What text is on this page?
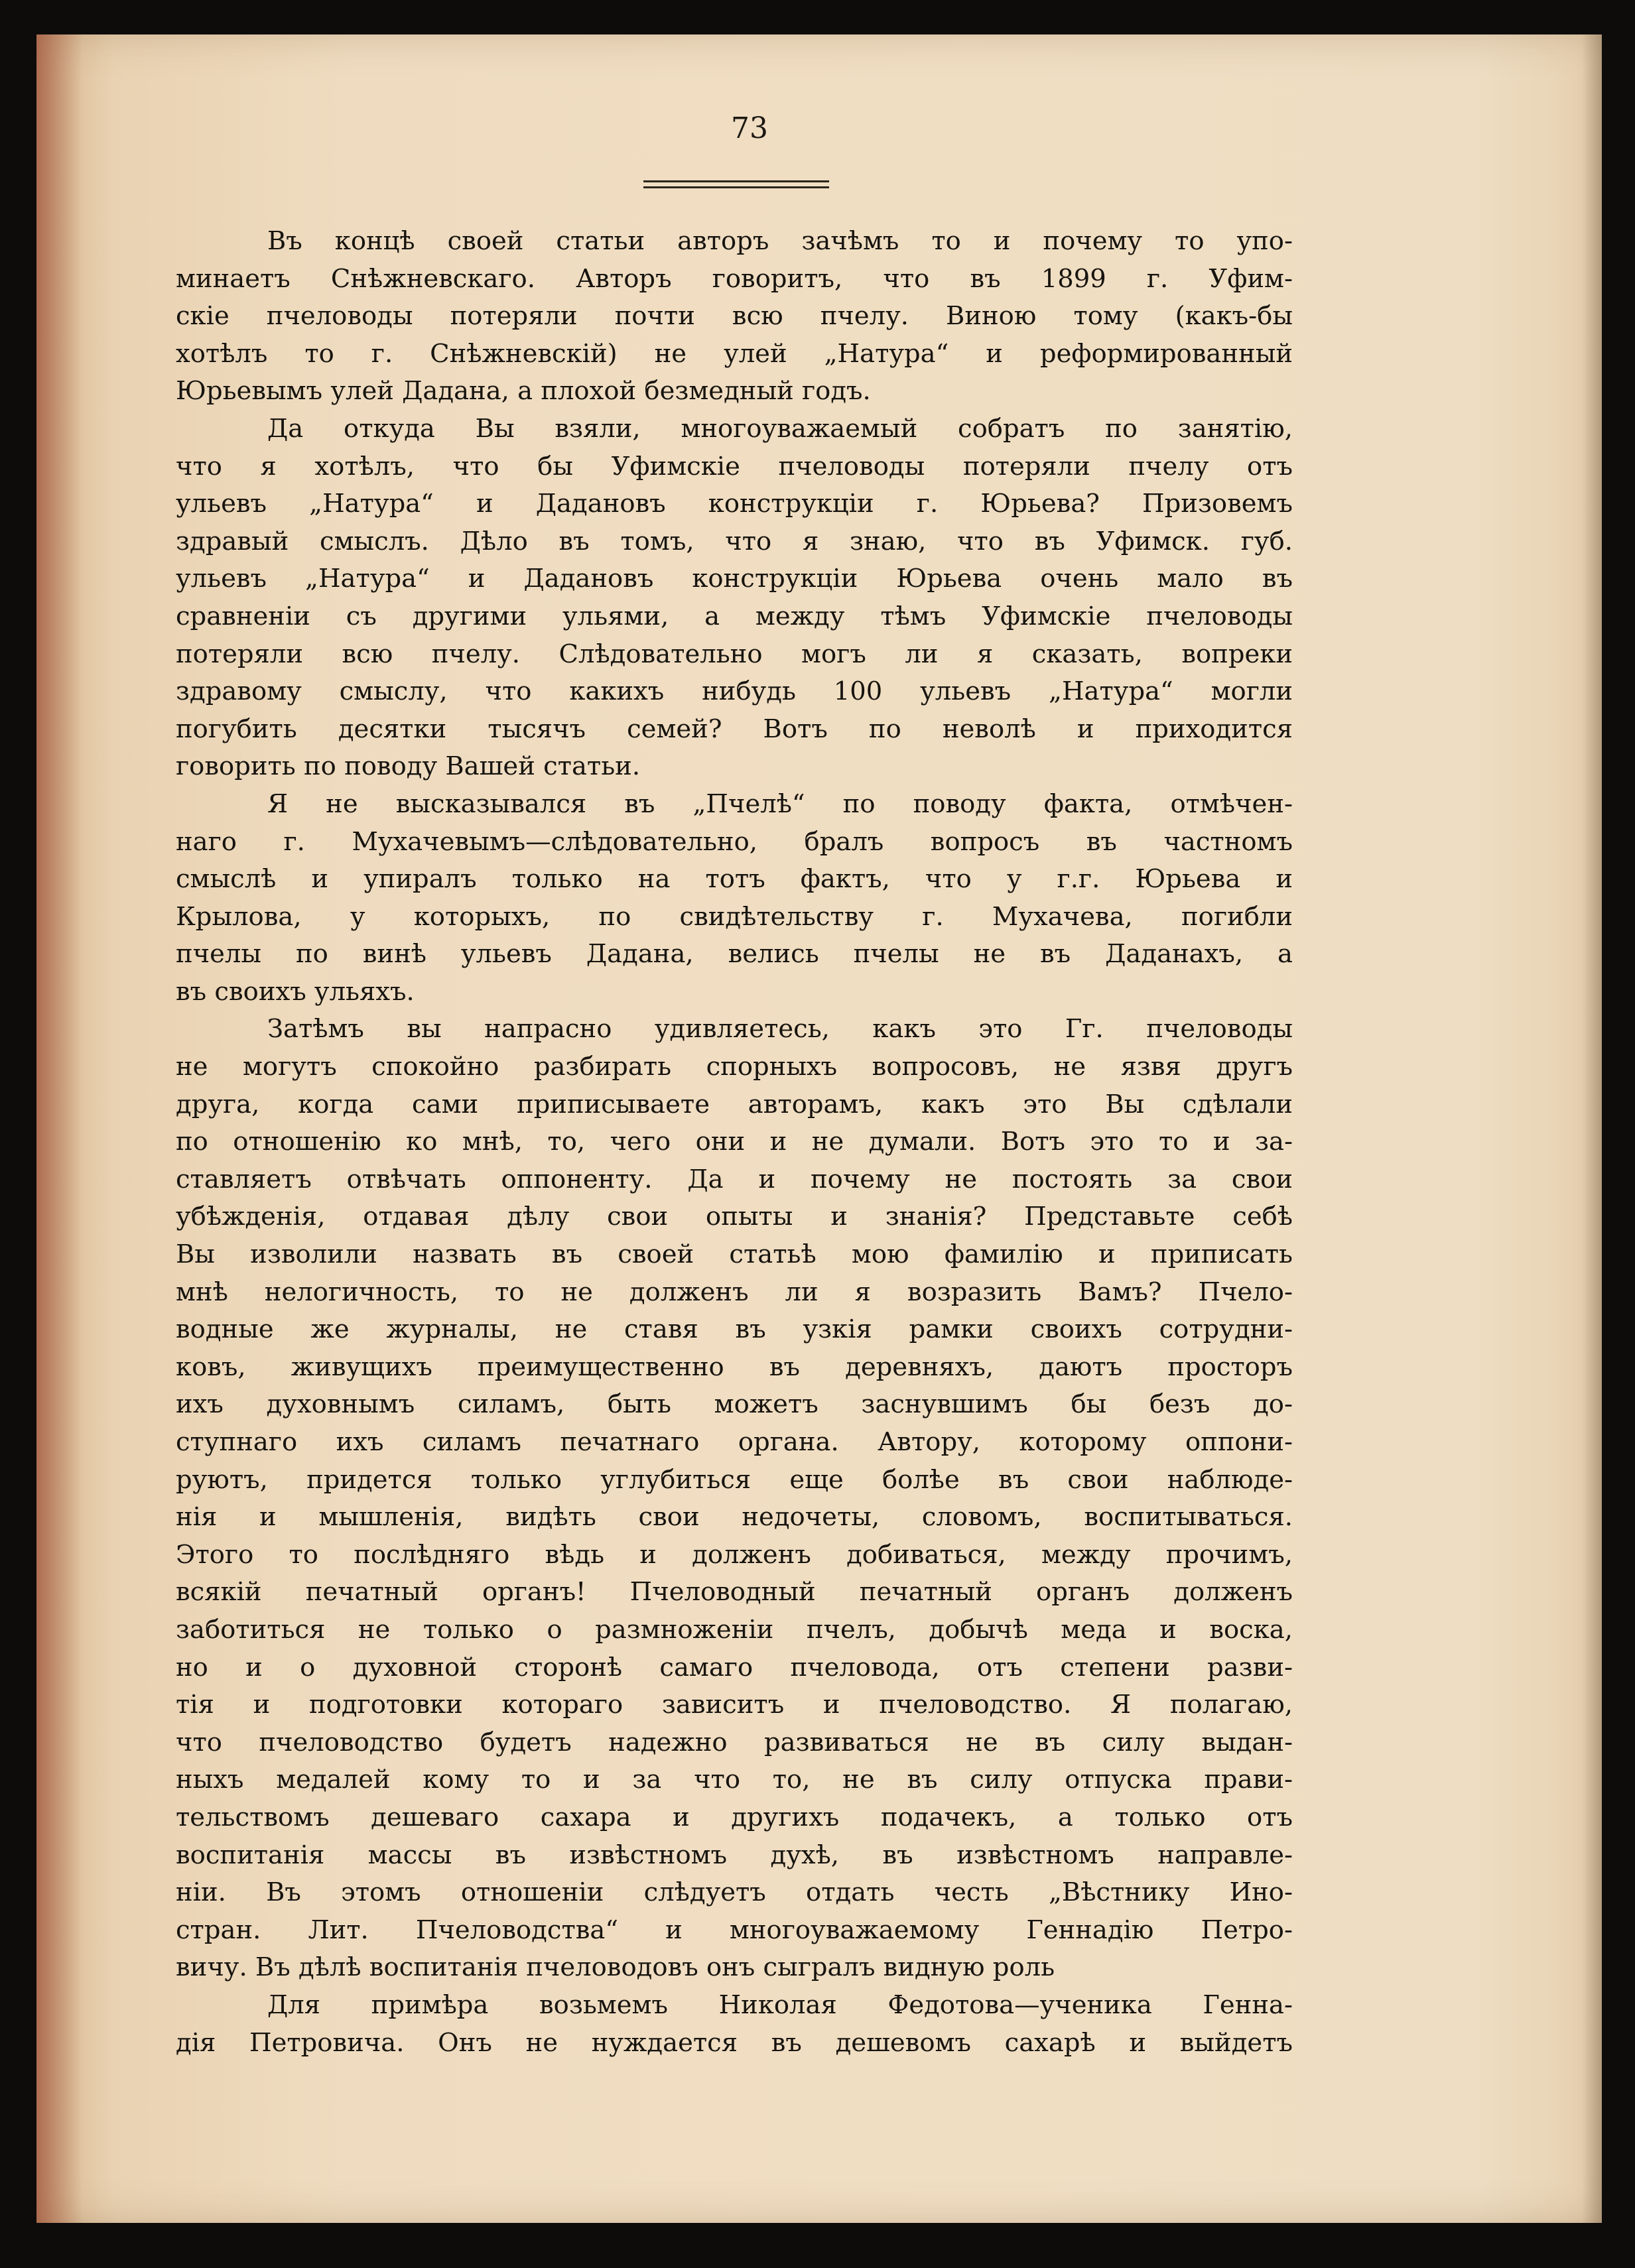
73
Въ концѣ своей статьи авторъ зачѣмъ то и почему то упо-
минаетъ Снѣжневскаго. Авторъ говоритъ, что въ 1899 г. Уфим-
скіе пчеловоды потеряли почти всю пчелу. Виною тому (какъ-бы
хотѣлъ то г. Снѣжневскій) не улей „Натура“ и реформированный
Юрьевымъ улей Дадана, а плохой безмедный годъ.
Да откуда Вы взяли, многоуважаемый собратъ по занятію,
что я хотѣлъ, что бы Уфимскіе пчеловоды потеряли пчелу отъ
ульевъ „Натура“ и Дадановъ конструкціи г. Юрьева? Призовемъ
здравый смыслъ. Дѣло въ томъ, что я знаю, что въ Уфимск. губ.
ульевъ „Натура“ и Дадановъ конструкціи Юрьева очень мало въ
сравненіи съ другими ульями, а между тѣмъ Уфимскіе пчеловоды
потеряли всю пчелу. Слѣдовательно могъ ли я сказать, вопреки
здравому смыслу, что какихъ нибудь 100 ульевъ „Натура“ могли
погубить десятки тысячъ семей? Вотъ по неволѣ и приходится
говорить по поводу Вашей статьи.
Я не высказывался въ „Пчелѣ“ по поводу факта, отмѣчен-
наго г. Мухачевымъ—слѣдовательно, бралъ вопросъ въ частномъ
смыслѣ и упиралъ только на тотъ фактъ, что у г.г. Юрьева и
Крылова, у которыхъ, по свидѣтельству г. Мухачева, погибли
пчелы по винѣ ульевъ Дадана, велись пчелы не въ Даданахъ, а
въ своихъ ульяхъ.
Затѣмъ вы напрасно удивляетесь, какъ это Гг. пчеловоды
не могутъ спокойно разбирать спорныхъ вопросовъ, не язвя другъ
друга, когда сами приписываете авторамъ, какъ это Вы сдѣлали
по отношенію ко мнѣ, то, чего они и не думали. Вотъ это то и за-
ставляетъ отвѣчать оппоненту. Да и почему не постоять за свои
убѣжденія, отдавая дѣлу свои опыты и знанія? Представьте себѣ
Вы изволили назвать въ своей статьѣ мою фамилію и приписать
мнѣ нелогичность, то не долженъ ли я возразить Вамъ? Пчело-
водные же журналы, не ставя въ узкія рамки своихъ сотрудни-
ковъ, живущихъ преимущественно въ деревняхъ, даютъ просторъ
ихъ духовнымъ силамъ, быть можетъ заснувшимъ бы безъ до-
ступнаго ихъ силамъ печатнаго органа. Автору, которому оппони-
руютъ, придется только углубиться еще болѣе въ свои наблюде-
нія и мышленія, видѣть свои недочеты, словомъ, воспитываться.
Этого то послѣдняго вѣдь и долженъ добиваться, между прочимъ,
всякій печатный органъ! Пчеловодный печатный органъ долженъ
заботиться не только о размноженіи пчелъ, добычѣ меда и воска,
но и о духовной сторонѣ самаго пчеловода, отъ степени разви-
тія и подготовки котораго зависитъ и пчеловодство. Я полагаю,
что пчеловодство будетъ надежно развиваться не въ силу выдан-
ныхъ медалей кому то и за что то, не въ силу отпуска прави-
тельствомъ дешеваго сахара и другихъ подачекъ, а только отъ
воспитанія массы въ извѣстномъ духѣ, въ извѣстномъ направле-
ніи. Въ этомъ отношеніи слѣдуетъ отдать честь „Вѣстнику Ино-
стран. Лит. Пчеловодства“ и многоуважаемому Геннадію Петро-
вичу. Въ дѣлѣ воспитанія пчеловодовъ онъ сыгралъ видную роль
Для примѣра возьмемъ Николая Федотова—ученика Генна-
дія Петровича. Онъ не нуждается въ дешевомъ сахарѣ и выйдетъ
